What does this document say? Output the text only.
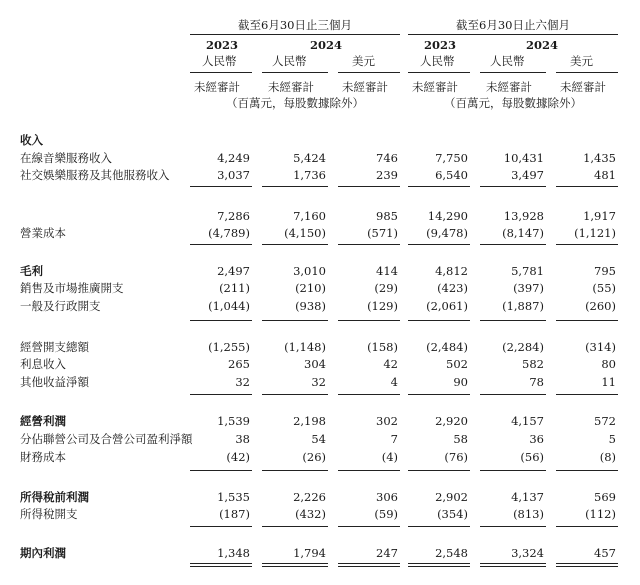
截至6月30日止三個月	截至6月30日止六個月
2023	2024	2023	2024
人民幣	人民幣	美元	人民幣	人民幣	美元
未經審計 未經審計 未經審計 未經審計 未經審計 未經審計
（百萬元，每股數據除外）	（百萬元，每股數據除外）
收入
在線音樂服務收入	4,249	5,424	746	7,750	10,431	1,435
社交娛樂服務及其他服務收入	3,037	1,736	239	6,540	3,497	481
7,286	7,160	985	14,290	13,928	1,917
營業成本	(4,789)	(4,150)	(571)	(9,478)	(8,147)	(1,121)
毛利	2,497	3,010	414	4,812	5,781	795
銷售及市場推廣開支	(211)	(210)	(29)	(423)	(397)	(55)
一般及行政開支	(1,044)	(938)	(129)	(2,061)	(1,887)	(260)
經營開支總額	(1,255)	(1,148)	(158)	(2,484)	(2,284)	(314)
利息收入	265	304	42	502	582	80
其他收益淨額	32	32	4	90	78	11
經營利潤	1,539	2,198	302	2,920	4,157	572
分佔聯營公司及合營公司盈利淨額	38	54	7	58	36	5
財務成本	(42)	(26)	(4)	(76)	(56)	(8)
所得稅前利潤	1,535	2,226	306	2,902	4,137	569
所得稅開支	(187)	(432)	(59)	(354)	(813)	(112)
期內利潤	1,348	1,794	247	2,548	3,324	457
